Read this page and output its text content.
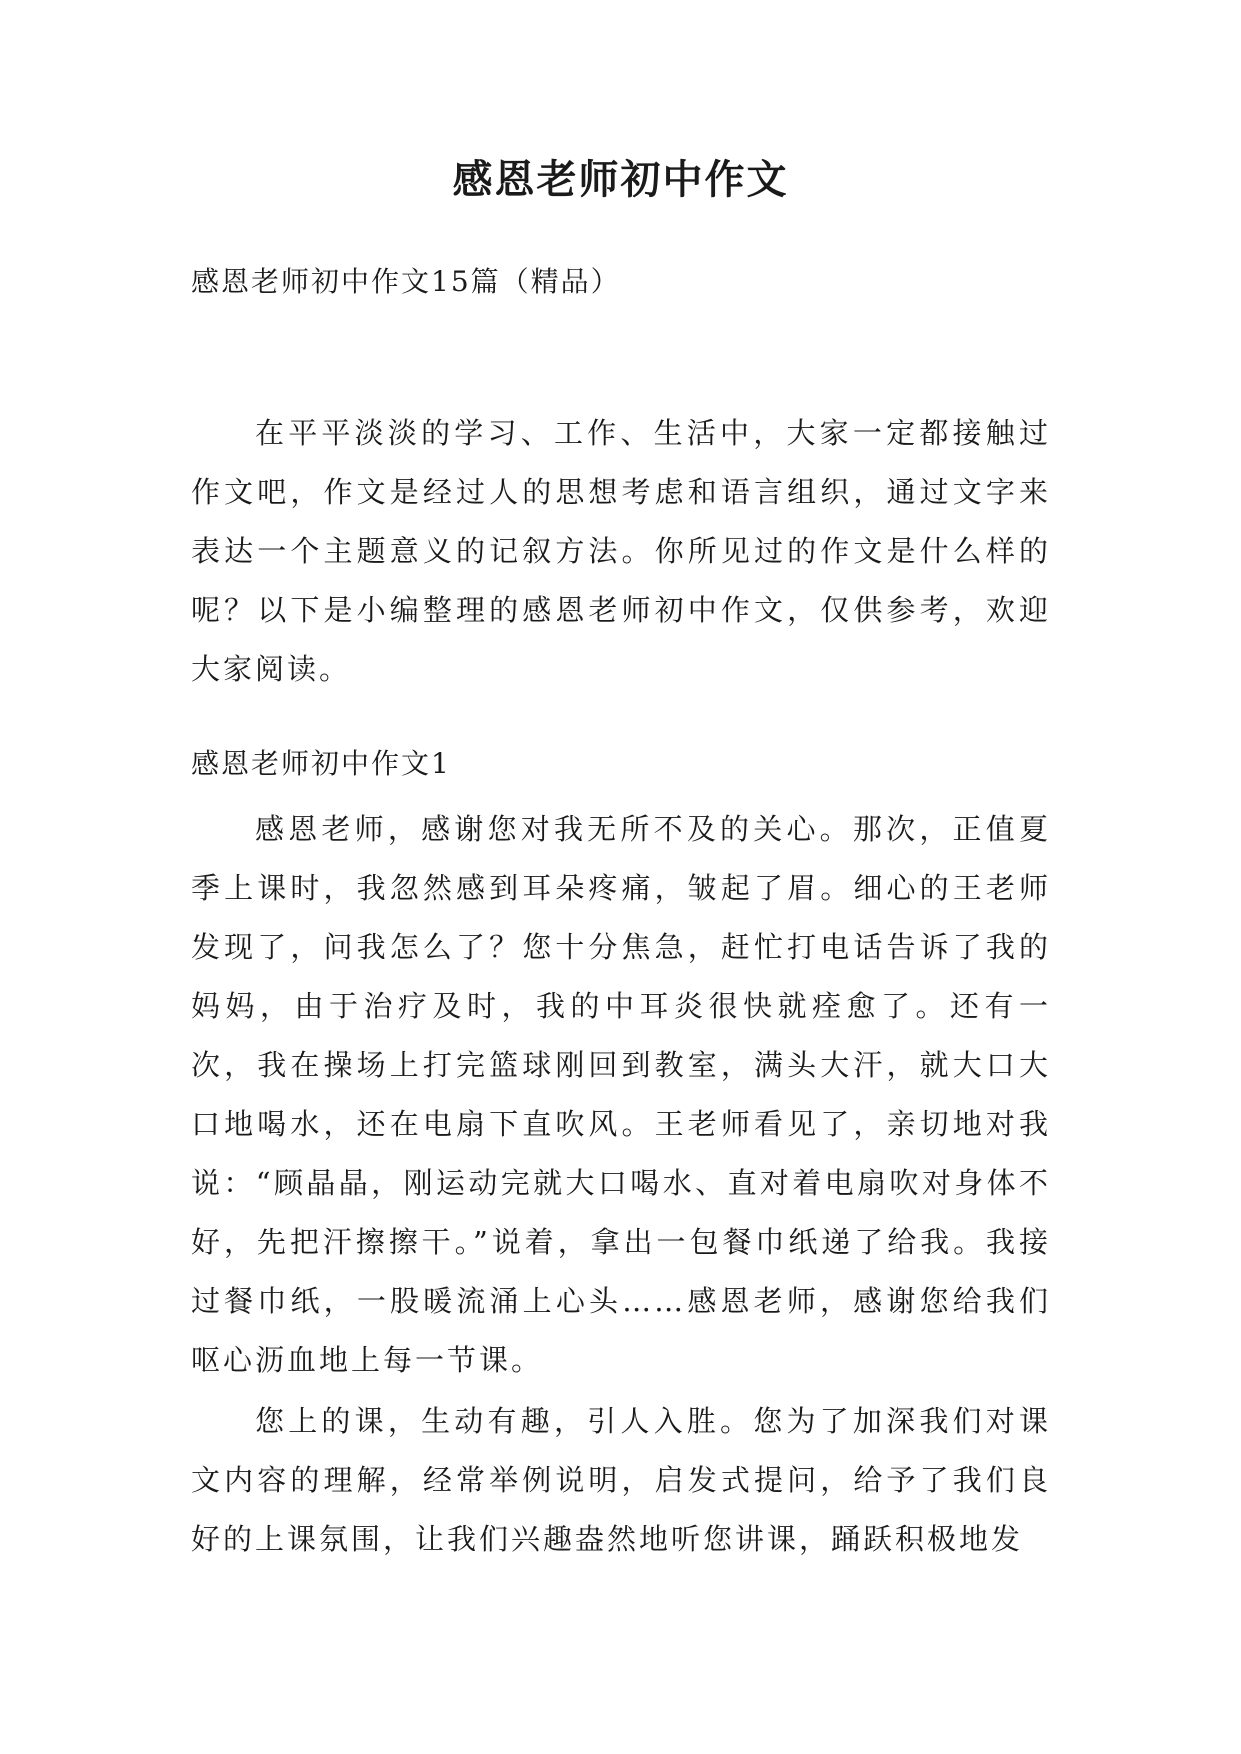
感恩老师初中作文

感恩老师初中作文15篇（精品）

在平平淡淡的学习、工作、生活中，大家一定都接触过作文吧，作文是经过人的思想考虑和语言组织，通过文字来表达一个主题意义的记叙方法。你所见过的作文是什么样的呢？以下是小编整理的感恩老师初中作文，仅供参考，欢迎大家阅读。

感恩老师初中作文1

感恩老师，感谢您对我无所不及的关心。那次，正值夏季上课时，我忽然感到耳朵疼痛，皱起了眉。细心的王老师发现了，问我怎么了？您十分焦急，赶忙打电话告诉了我的妈妈，由于治疗及时，我的中耳炎很快就痊愈了。还有一次，我在操场上打完篮球刚回到教室，满头大汗，就大口大口地喝水，还在电扇下直吹风。王老师看见了，亲切地对我说：“顾晶晶，刚运动完就大口喝水、直对着电扇吹对身体不好，先把汗擦擦干。”说着，拿出一包餐巾纸递了给我。我接过餐巾纸，一股暖流涌上心头……感恩老师，感谢您给我们呕心沥血地上每一节课。

您上的课，生动有趣，引人入胜。您为了加深我们对课文内容的理解，经常举例说明，启发式提问，给予了我们良好的上课氛围，让我们兴趣盎然地听您讲课，踊跃积极地发
